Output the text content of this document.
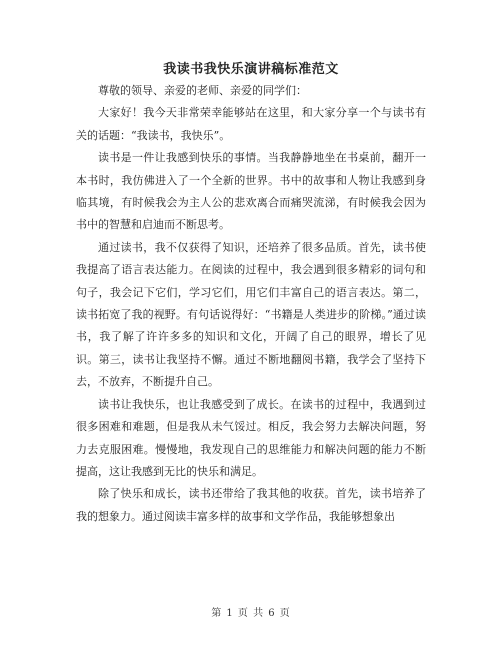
我读书我快乐演讲稿标准范文

尊敬的领导、亲爱的老师、亲爱的同学们：

大家好！我今天非常荣幸能够站在这里，和大家分享一个与读书有关的话题：“我读书，我快乐”。

读书是一件让我感到快乐的事情。当我静静地坐在书桌前，翻开一本书时，我仿佛进入了一个全新的世界。书中的故事和人物让我感到身临其境，有时候我会为主人公的悲欢离合而痛哭流涕，有时候我会因为书中的智慧和启迪而不断思考。

通过读书，我不仅获得了知识，还培养了很多品质。首先，读书使我提高了语言表达能力。在阅读的过程中，我会遇到很多精彩的词句和句子，我会记下它们，学习它们，用它们丰富自己的语言表达。第二，读书拓宽了我的视野。有句话说得好：“书籍是人类进步的阶梯。”通过读书，我了解了许许多多的知识和文化，开阔了自己的眼界，增长了见识。第三，读书让我坚持不懈。通过不断地翻阅书籍，我学会了坚持下去，不放弃，不断提升自己。

读书让我快乐，也让我感受到了成长。在读书的过程中，我遇到过很多困难和难题，但是我从未气馁过。相反，我会努力去解决问题，努力去克服困难。慢慢地，我发现自己的思维能力和解决问题的能力不断提高，这让我感到无比的快乐和满足。

除了快乐和成长，读书还带给了我其他的收获。首先，读书培养了我的想象力。通过阅读丰富多样的故事和文学作品，我能够想象出

第 1 页 共 6 页
